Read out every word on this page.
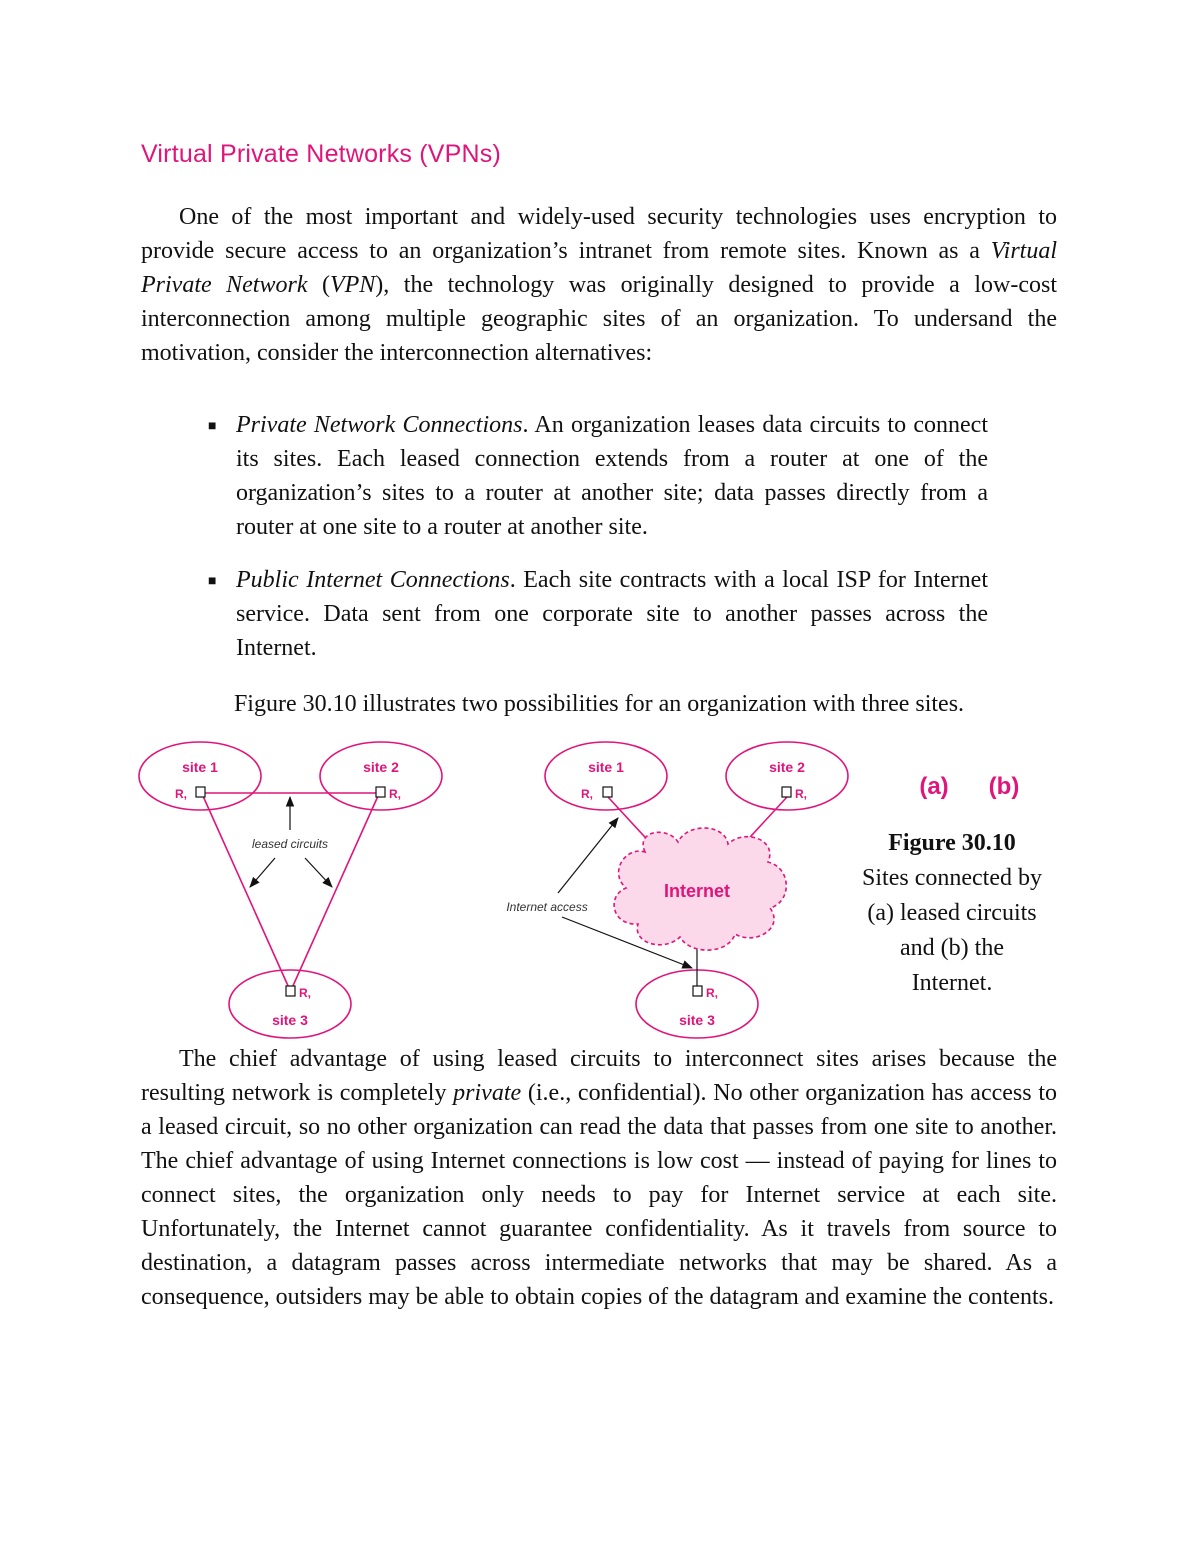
Virtual Private Networks (VPNs)

One of the most important and widely-used security technologies uses encryption to provide secure access to an organization’s intranet from remote sites. Known as a Virtual Private Network (VPN), the technology was originally designed to provide a low-cost interconnection among multiple geographic sites of an organization. To undersand the motivation, consider the interconnection alternatives:

■ Private Network Connections. An organization leases data circuits to connect its sites. Each leased connection extends from a router at one of the organization’s sites to a router at another site; data passes directly from a router at one site to a router at another site.
■ Public Internet Connections. Each site contracts with a local ISP for Internet service. Data sent from one corporate site to another passes across the Internet.

Figure 30.10 illustrates two possibilities for an organization with three sites.

site 1	site 2
site 3
R,	R,
R,
leased circuits
site 1	site 2
site 3
R,	R,
R,
Internet
Internet access
(a) (b)
Figure 30.10
Sites connected by (a) leased circuits and (b) the Internet.

The chief advantage of using leased circuits to interconnect sites arises because the resulting network is completely private (i.e., confidential). No other organization has access to a leased circuit, so no other organization can read the data that passes from one site to another. The chief advantage of using Internet connections is low cost — instead of paying for lines to connect sites, the organization only needs to pay for Internet service at each site. Unfortunately, the Internet cannot guarantee confidentiality. As it travels from source to destination, a datagram passes across intermediate networks that may be shared. As a consequence, outsiders may be able to obtain copies of the datagram and examine the contents.
